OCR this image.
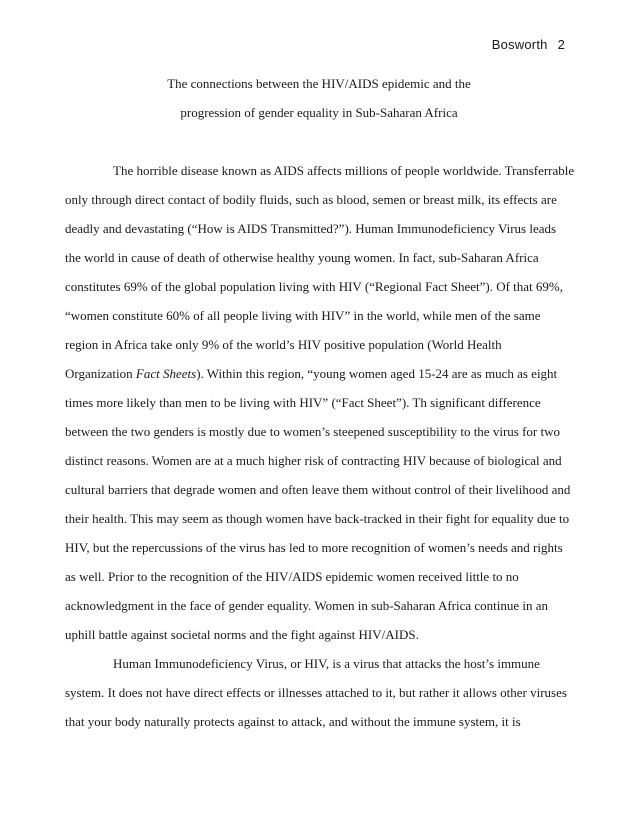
Bosworth 2
The connections between the HIV/AIDS epidemic and the
progression of gender equality in Sub-Saharan Africa
The horrible disease known as AIDS affects millions of people worldwide. Transferrable
only through direct contact of bodily fluids, such as blood, semen or breast milk, its effects are
deadly and devastating (“How is AIDS Transmitted?”). Human Immunodeficiency Virus leads
the world in cause of death of otherwise healthy young women. In fact, sub-Saharan Africa
constitutes 69% of the global population living with HIV (“Regional Fact Sheet”). Of that 69%,
“women constitute 60% of all people living with HIV” in the world, while men of the same
region in Africa take only 9% of the world’s HIV positive population (World Health
Organization Fact Sheets). Within this region, “young women aged 15-24 are as much as eight
times more likely than men to be living with HIV” (“Fact Sheet”). Th significant difference
between the two genders is mostly due to women’s steepened susceptibility to the virus for two
distinct reasons. Women are at a much higher risk of contracting HIV because of biological and
cultural barriers that degrade women and often leave them without control of their livelihood and
their health. This may seem as though women have back-tracked in their fight for equality due to
HIV, but the repercussions of the virus has led to more recognition of women’s needs and rights
as well. Prior to the recognition of the HIV/AIDS epidemic women received little to no
acknowledgment in the face of gender equality. Women in sub-Saharan Africa continue in an
uphill battle against societal norms and the fight against HIV/AIDS.
Human Immunodeficiency Virus, or HIV, is a virus that attacks the host’s immune
system. It does not have direct effects or illnesses attached to it, but rather it allows other viruses
that your body naturally protects against to attack, and without the immune system, it is
